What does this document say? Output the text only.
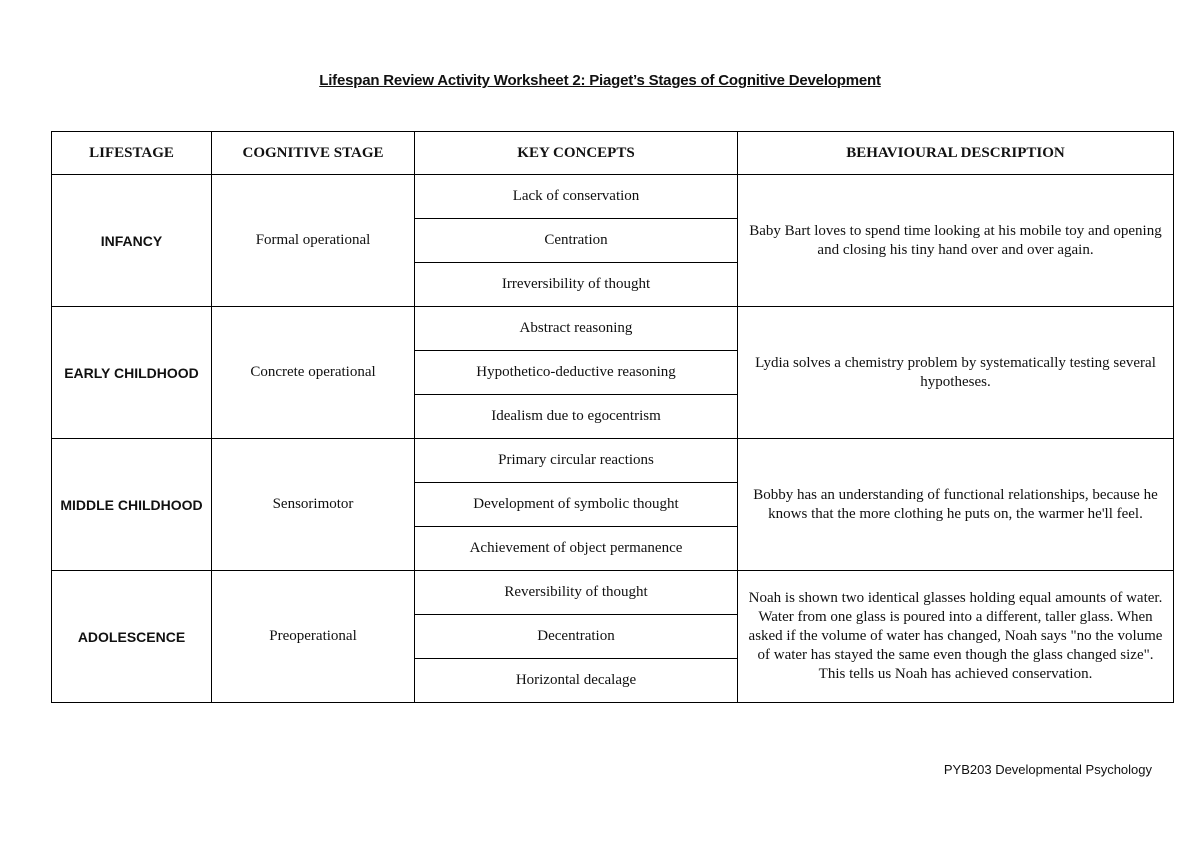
Lifespan Review Activity Worksheet 2: Piaget’s Stages of Cognitive Development
LIFESTAGE	COGNITIVE STAGE	KEY CONCEPTS	BEHAVIOURAL DESCRIPTION
INFANCY	Formal operational	Lack of conservation	Baby Bart loves to spend time looking at his mobile toy and opening and closing his tiny hand over and over again.
		Centration	
		Irreversibility of thought	
EARLY CHILDHOOD	Concrete operational	Abstract reasoning	Lydia solves a chemistry problem by systematically testing several hypotheses.
		Hypothetico-deductive reasoning	
		Idealism due to egocentrism	
MIDDLE CHILDHOOD	Sensorimotor	Primary circular reactions	Bobby has an understanding of functional relationships, because he knows that the more clothing he puts on, the warmer he'll feel.
		Development of symbolic thought	
		Achievement of object permanence	
ADOLESCENCE	Preoperational	Reversibility of thought	Noah is shown two identical glasses holding equal amounts of water. Water from one glass is poured into a different, taller glass. When asked if the volume of water has changed, Noah says "no the volume of water has stayed the same even though the glass changed size". This tells us Noah has achieved conservation.
		Decentration	
		Horizontal decalage	
PYB203 Developmental Psychology
